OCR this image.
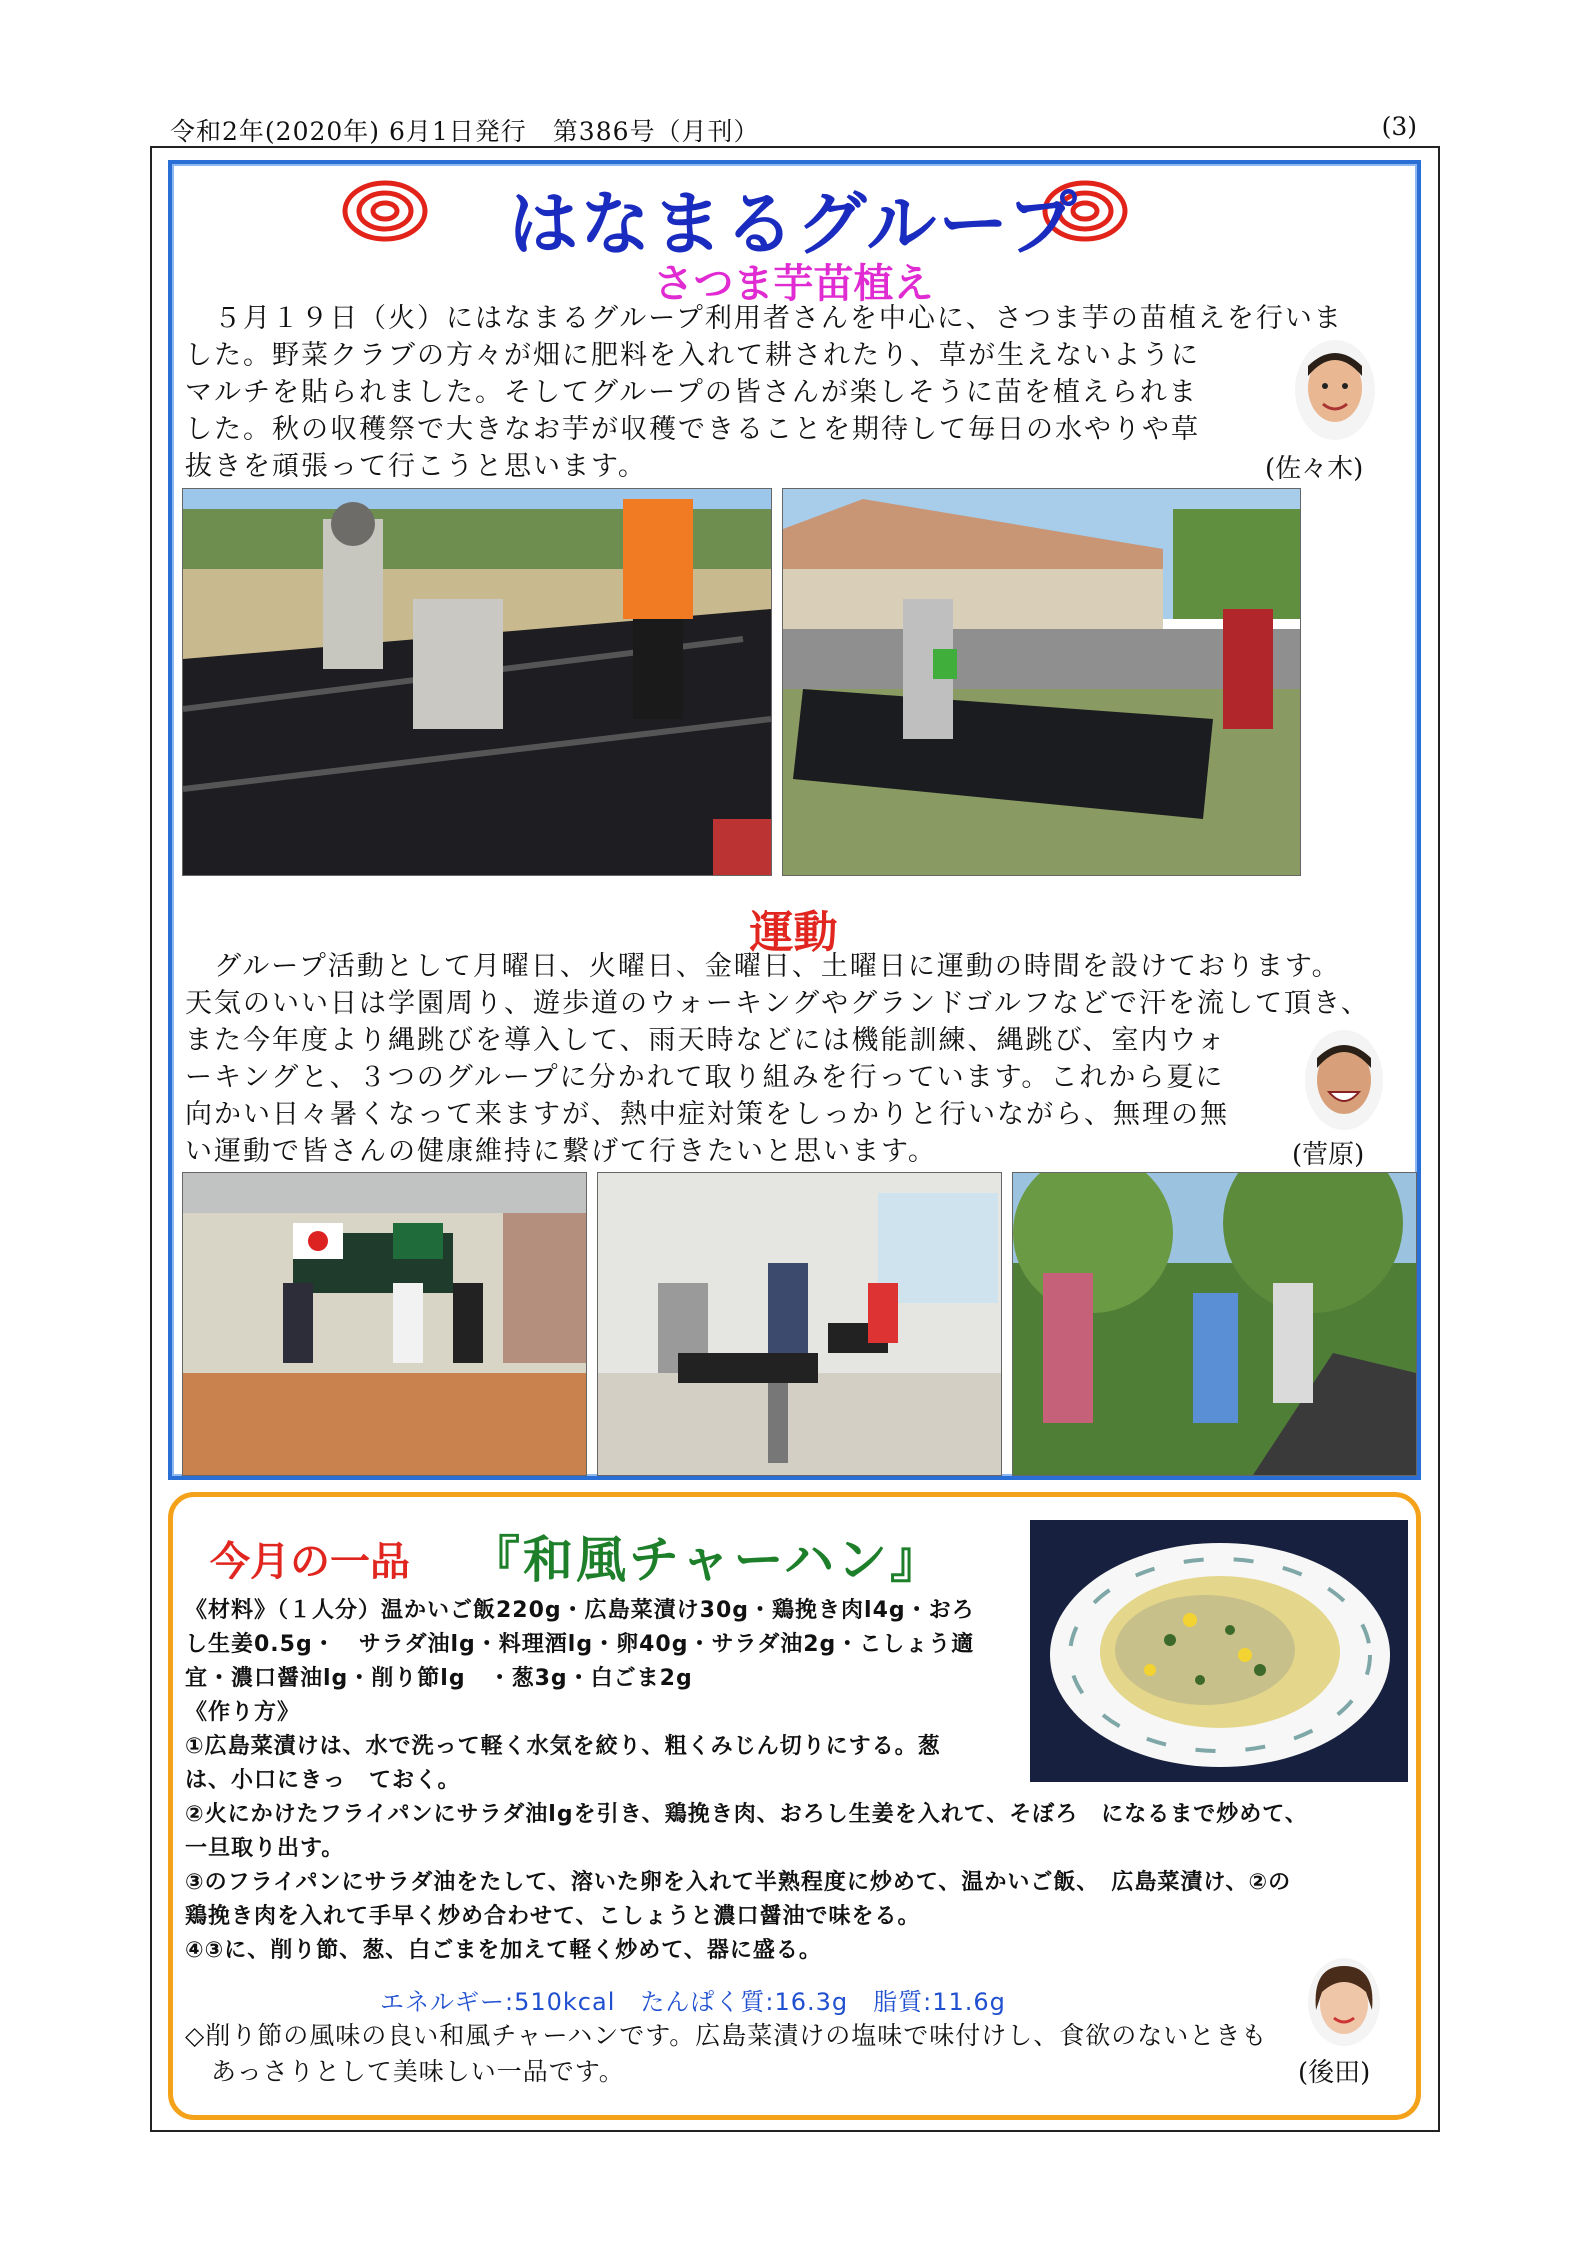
令和2年(2020年) 6月1日発行　第386号（月刊）	(3)
はなまるグループ
さつま芋苗植え
　５月１９日（火）にはなまるグループ利用者さんを中心に、さつま芋の苗植えを行いま
した。野菜クラブの方々が畑に肥料を入れて耕されたり、草が生えないように
マルチを貼られました。そしてグループの皆さんが楽しそうに苗を植えられま
した。秋の収穫祭で大きなお芋が収穫できることを期待して毎日の水やりや草
抜きを頑張って行こうと思います。	(佐々木)
運動
　グループ活動として月曜日、火曜日、金曜日、土曜日に運動の時間を設けております。
天気のいい日は学園周り、遊歩道のウォーキングやグランドゴルフなどで汗を流して頂き、
また今年度より縄跳びを導入して、雨天時などには機能訓練、縄跳び、室内ウォ
ーキングと、３つのグループに分かれて取り組みを行っています。これから夏に
向かい日々暑くなって来ますが、熱中症対策をしっかりと行いながら、無理の無
い運動で皆さんの健康維持に繋げて行きたいと思います。	(菅原)
今月の一品 『和風チャーハン』
《材料》（１人分）温かいご飯220g・広島菜漬け30g・鶏挽き肉l4g・おろ
し生姜0.5g・　サラダ油lg・料理酒lg・卵40g・サラダ油2g・こしょう適
宜・濃口醤油lg・削り節lg　・葱3g・白ごま2g
《作り方》
①広島菜漬けは、水で洗って軽く水気を絞り、粗くみじん切りにする。葱
は、小口にきっ　ておく。
②火にかけたフライパンにサラダ油lgを引き、鶏挽き肉、おろし生姜を入れて、そぼろ　になるまで炒めて、
一旦取り出す。
③のフライパンにサラダ油をたして、溶いた卵を入れて半熟程度に炒めて、温かいご飯、　広島菜漬け、②の
鶏挽き肉を入れて手早く炒め合わせて、こしょうと濃口醤油で味をる。
④③に、削り節、葱、白ごまを加えて軽く炒めて、器に盛る。
エネルギー:510kcal　たんぱく質:16.3g　脂質:11.6g
◇削り節の風味の良い和風チャーハンです。広島菜漬けの塩味で味付けし、食欲のないときも
　あっさりとして美味しい一品です。	(後田)
